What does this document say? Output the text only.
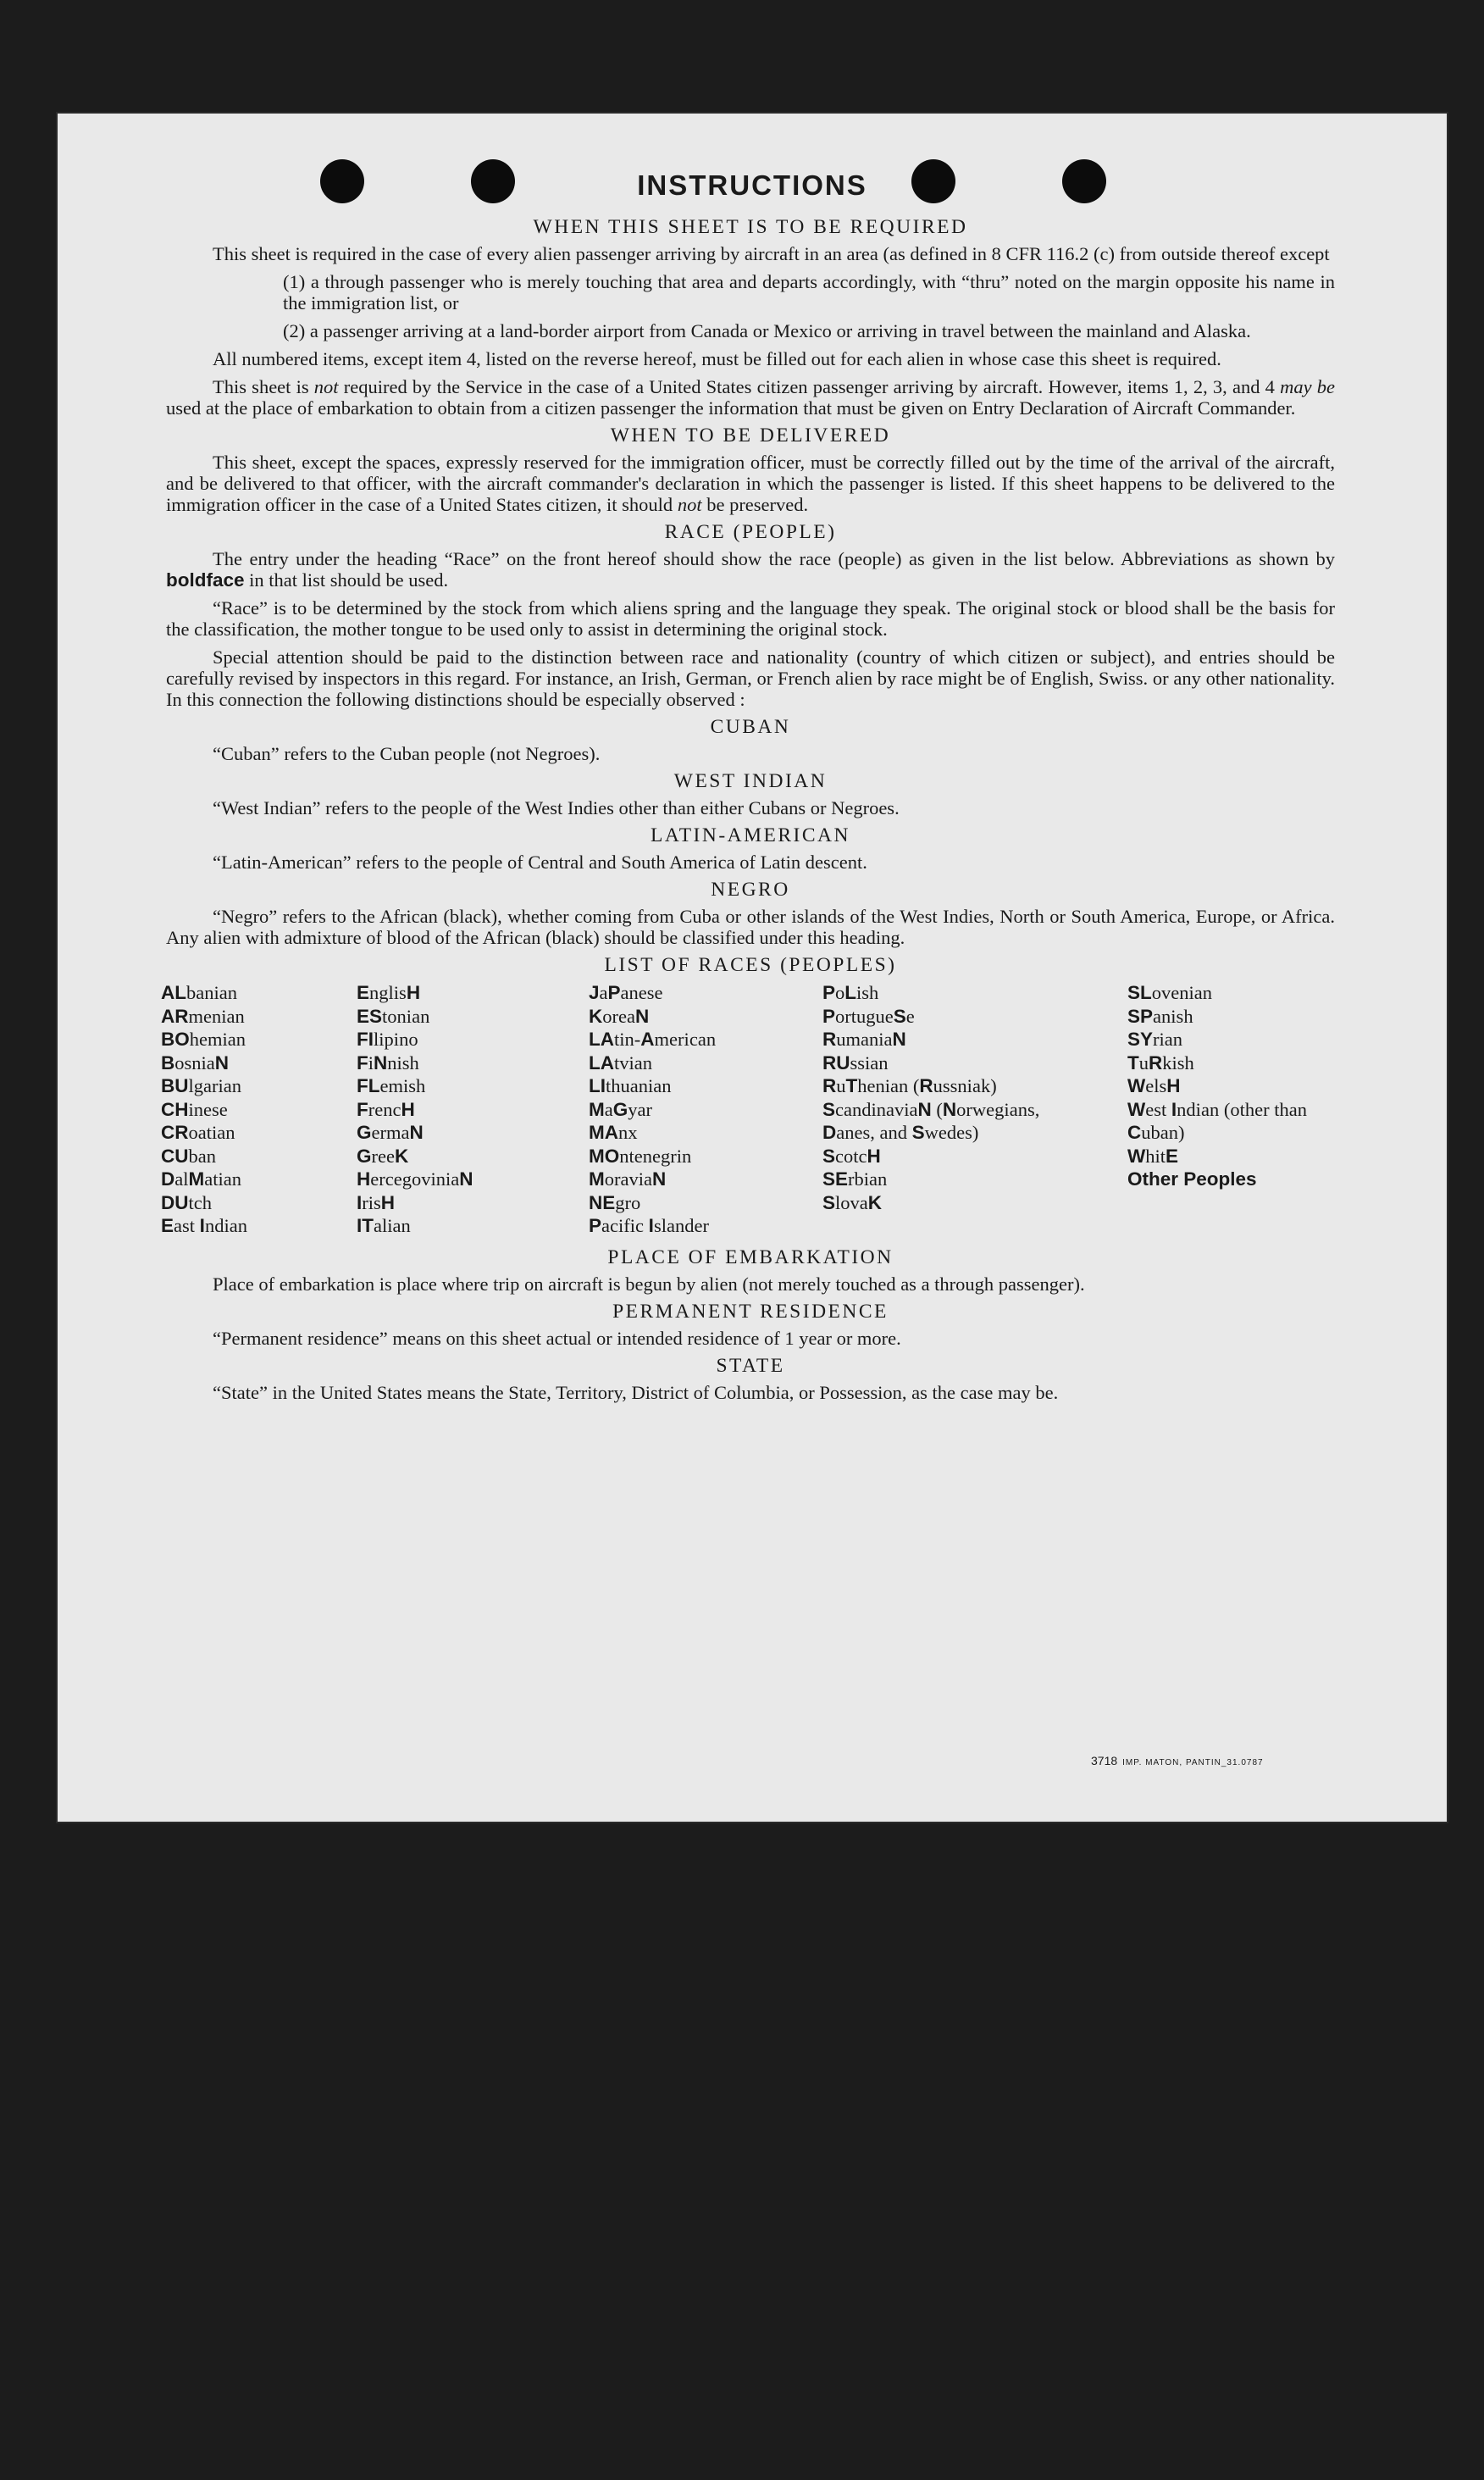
INSTRUCTIONS
WHEN THIS SHEET IS TO BE REQUIRED

This sheet is required in the case of every alien passenger arriving by aircraft in an area (as defined in 8 CFR 116.2 (c) from outside thereof except

(1) a through passenger who is merely touching that area and departs accordingly, with “thru” noted on the margin opposite his name in the immigration list, or

(2) a passenger arriving at a land-border airport from Canada or Mexico or arriving in travel between the mainland and Alaska.

All numbered items, except item 4, listed on the reverse hereof, must be filled out for each alien in whose case this sheet is required.

This sheet is not required by the Service in the case of a United States citizen passenger arriving by aircraft. However, items 1, 2, 3, and 4 may be used at the place of embarkation to obtain from a citizen passenger the information that must be given on Entry Declaration of Aircraft Commander.

WHEN TO BE DELIVERED

This sheet, except the spaces, expressly reserved for the immigration officer, must be correctly filled out by the time of the arrival of the aircraft, and be delivered to that officer, with the aircraft commander's declaration in which the passenger is listed. If this sheet happens to be delivered to the immigration officer in the case of a United States citizen, it should not be preserved.

RACE (PEOPLE)

The entry under the heading “Race” on the front hereof should show the race (people) as given in the list below. Abbreviations as shown by boldface in that list should be used.

“Race” is to be determined by the stock from which aliens spring and the language they speak. The original stock or blood shall be the basis for the classification, the mother tongue to be used only to assist in determining the original stock.

Special attention should be paid to the distinction between race and nationality (country of which citizen or subject), and entries should be carefully revised by inspectors in this regard. For instance, an Irish, German, or French alien by race might be of English, Swiss. or any other nationality. In this connection the following distinctions should be especially observed :

CUBAN

“Cuban” refers to the Cuban people (not Negroes).

WEST INDIAN

“West Indian” refers to the people of the West Indies other than either Cubans or Negroes.

LATIN-AMERICAN

“Latin-American” refers to the people of Central and South America of Latin descent.

NEGRO

“Negro” refers to the African (black), whether coming from Cuba or other islands of the West Indies, North or South America, Europe, or Africa. Any alien with admixture of blood of the African (black) should be classified under this heading.

LIST OF RACES (PEOPLES)
ALbanian
ARmenian
BOhemian
BosniaN
BUlgarian
CHinese
CRoatian
CUban
DalMatian
DUtch
East Indian
EnglisH
EStonian
FIlipino
FiNnish
FLemish
FrencH
GermaN
GreeK
HercegoviniaN
IrisH
ITalian
JaPanese
KoreaN
LAtin-American
LAtvian
LIthuanian
MaGyar
MAnx
MOntenegrin
MoraviaN
NEgro
Pacific Islander
PoLish
PortugueSe
RumaniaN
RUssian
RuThenian (Russniak)
ScandinaviaN (Norwegians, Danes, and Swedes)
ScotcH
SErbian
SlovaK
SLovenian
SPanish
SYrian
TuRkish
WelsH
West Indian (other than Cuban)
WhitE
Other Peoples
PLACE OF EMBARKATION

Place of embarkation is place where trip on aircraft is begun by alien (not merely touched as a through passenger).

PERMANENT RESIDENCE

“Permanent residence” means on this sheet actual or intended residence of 1 year or more.

STATE

“State” in the United States means the State, Territory, District of Columbia, or Possession, as the case may be.

3718 IMP. MATON, PANTIN_31.0787
